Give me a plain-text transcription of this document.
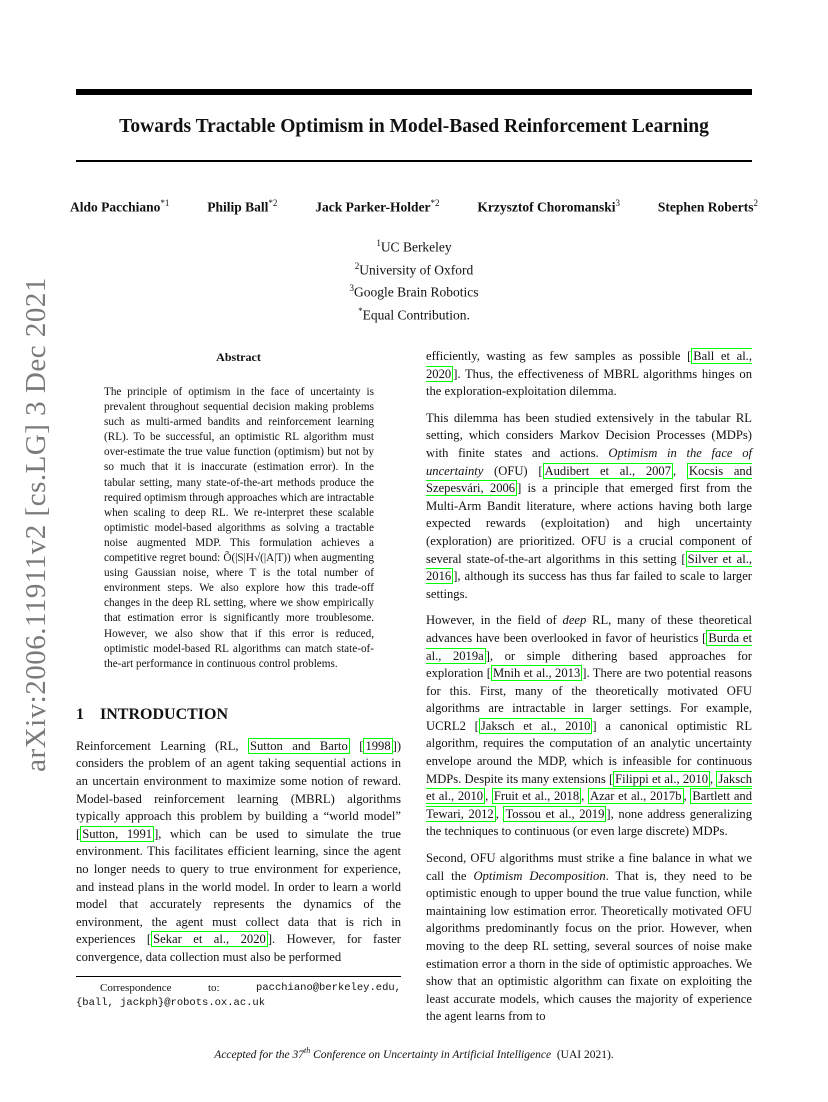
Towards Tractable Optimism in Model-Based Reinforcement Learning
Aldo Pacchiano$^{*1}$	Philip Ball$^{*2}$	Jack Parker-Holder$^{*2}$	Krzysztof Choromanski$^3$	Stephen Roberts$^2$
$^1$UC Berkeley
$^2$University of Oxford
$^3$Google Brain Robotics
*Equal Contribution.
arXiv:2006.11911v2 [cs.LG] 3 Dec 2021	Abstract
The principle of optimism in the face of uncertainty is prevalent throughout sequential decision making problems such as multi-armed bandits and reinforcement learning (RL). To be successful, an optimistic RL algorithm must over-estimate the true value function (optimism) but not by so much that it is inaccurate (estimation error). In the tabular setting, many state-of-the-art methods produce the required optimism through approaches which are intractable when scaling to deep RL. We re-interpret these scalable optimistic model-based algorithms as solving a tractable noise augmented MDP. This formulation achieves a competitive regret bound: Õ(|S|H√(|A|T)) when augmenting using Gaussian noise, where T is the total number of environment steps. We also explore how this trade-off changes in the deep RL setting, where we show empirically that estimation error is significantly more troublesome. However, we also show that if this error is reduced, optimistic model-based RL algorithms can match state-of-the-art performance in continuous control problems.
1 INTRODUCTION

Reinforcement Learning (RL, Sutton and Barto [ 1998 ]) considers the problem of an agent taking sequential actions in an uncertain environment to maximize some notion of reward. Model-based reinforcement learning (MBRL) algorithms typically approach this problem by building a “world model” [ Sutton, 1991 ], which can be used to simulate the true environment. This facilitates efficient learning, since the agent no longer needs to query to true environment for experience, and instead plans in the world model. In order to learn a world model that accurately represents the dynamics of the environment, the agent must collect data that is rich in experiences [ Sekar et al., 2020 ]. However, for faster convergence, data collection must also be performed

efficiently, wasting as few samples as possible [ Ball et al., 2020 ]. Thus, the effectiveness of MBRL algorithms hinges on the exploration-exploitation dilemma.

This dilemma has been studied extensively in the tabular RL setting, which considers Markov Decision Processes (MDPs) with finite states and actions. Optimism in the face of uncertainty (OFU) [ Audibert et al., 2007 , Kocsis and Szepesvári, 2006 ] is a principle that emerged first from the Multi-Arm Bandit literature, where actions having both large expected rewards (exploitation) and high uncertainty (exploration) are prioritized. OFU is a crucial component of several state-of-the-art algorithms in this setting [ Silver et al., 2016 ], although its success has thus far failed to scale to larger settings.

However, in the field of deep RL, many of these theoretical advances have been overlooked in favor of heuristics [ Burda et al., 2019a ], or simple dithering based approaches for exploration [ Mnih et al., 2013 ]. There are two potential reasons for this. First, many of the theoretically motivated OFU algorithms are intractable in larger settings. For example, UCRL2 [ Jaksch et al., 2010 ] a canonical optimistic RL algorithm, requires the computation of an analytic uncertainty envelope around the MDP, which is infeasible for continuous MDPs. Despite its many extensions [ Filippi et al., 2010 , Jaksch et al., 2010 , Fruit et al., 2018 , Azar et al., 2017b , Bartlett and Tewari, 2012 , Tossou et al., 2019 ], none address generalizing the techniques to continuous (or even large discrete) MDPs.

Second, OFU algorithms must strike a fine balance in what we call the Optimism Decomposition. That is, they need to be optimistic enough to upper bound the true value function, while maintaining low estimation error. Theoretically motivated OFU algorithms predominantly focus on the prior. However, when moving to the deep RL setting, several sources of noise make estimation error a thorn in the side of optimistic approaches. We show that an optimistic algorithm can fixate on exploiting the least accurate models, which causes the majority of experience the agent learns from to

Correspondence	to:	pacchiano@berkeley.edu,
{ball, jackph}@robots.ox.ac.uk
Accepted for the 37th Conference on Uncertainty in Artificial Intelligence (UAI 2021).
